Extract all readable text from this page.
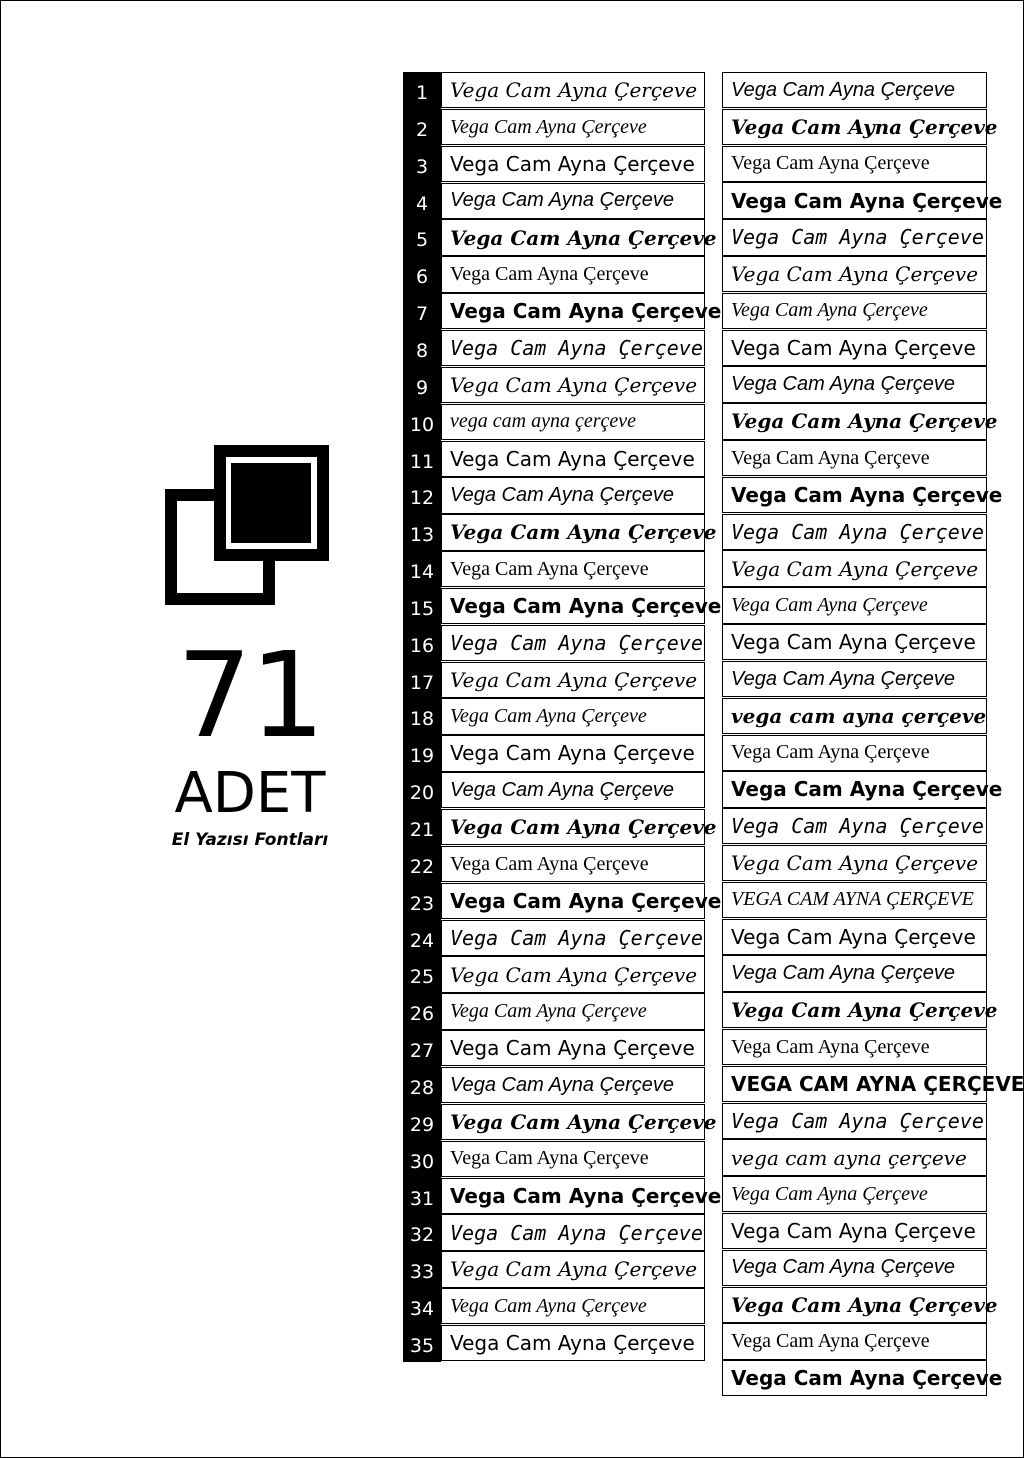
71
ADET
El Yazısı Fontları
1
2
3
4
5
6
7
8
9
10
11
12
13
14
15
16
17
18
19
20
21
22
23
24
25
26
27
28
29
30
31
32
33
34
35
Vega Cam Ayna Çerçeve
Vega Cam Ayna Çerçeve
Vega Cam Ayna Çerçeve
Vega Cam Ayna Çerçeve
Vega Cam Ayna Çerçeve
Vega Cam Ayna Çerçeve
Vega Cam Ayna Çerçeve
Vega Cam Ayna Çerçeve
Vega Cam Ayna Çerçeve
vega cam ayna çerçeve
Vega Cam Ayna Çerçeve
Vega Cam Ayna Çerçeve
Vega Cam Ayna Çerçeve
Vega Cam Ayna Çerçeve
Vega Cam Ayna Çerçeve
Vega Cam Ayna Çerçeve
Vega Cam Ayna Çerçeve
Vega Cam Ayna Çerçeve
Vega Cam Ayna Çerçeve
Vega Cam Ayna Çerçeve
Vega Cam Ayna Çerçeve
Vega Cam Ayna Çerçeve
Vega Cam Ayna Çerçeve
Vega Cam Ayna Çerçeve
Vega Cam Ayna Çerçeve
Vega Cam Ayna Çerçeve
Vega Cam Ayna Çerçeve
Vega Cam Ayna Çerçeve
Vega Cam Ayna Çerçeve
Vega Cam Ayna Çerçeve
Vega Cam Ayna Çerçeve
Vega Cam Ayna Çerçeve
Vega Cam Ayna Çerçeve
Vega Cam Ayna Çerçeve
Vega Cam Ayna Çerçeve
Vega Cam Ayna Çerçeve
Vega Cam Ayna Çerçeve
Vega Cam Ayna Çerçeve
Vega Cam Ayna Çerçeve
Vega Cam Ayna Çerçeve
Vega Cam Ayna Çerçeve
Vega Cam Ayna Çerçeve
Vega Cam Ayna Çerçeve
Vega Cam Ayna Çerçeve
Vega Cam Ayna Çerçeve
Vega Cam Ayna Çerçeve
Vega Cam Ayna Çerçeve
Vega Cam Ayna Çerçeve
Vega Cam Ayna Çerçeve
Vega Cam Ayna Çerçeve
Vega Cam Ayna Çerçeve
Vega Cam Ayna Çerçeve
vega cam ayna çerçeve
Vega Cam Ayna Çerçeve
Vega Cam Ayna Çerçeve
Vega Cam Ayna Çerçeve
Vega Cam Ayna Çerçeve
VEGA CAM AYNA ÇERÇEVE
Vega Cam Ayna Çerçeve
Vega Cam Ayna Çerçeve
Vega Cam Ayna Çerçeve
Vega Cam Ayna Çerçeve
VEGA CAM AYNA ÇERÇEVE
Vega Cam Ayna Çerçeve
vega cam ayna çerçeve
Vega Cam Ayna Çerçeve
Vega Cam Ayna Çerçeve
Vega Cam Ayna Çerçeve
Vega Cam Ayna Çerçeve
Vega Cam Ayna Çerçeve
Vega Cam Ayna Çerçeve
